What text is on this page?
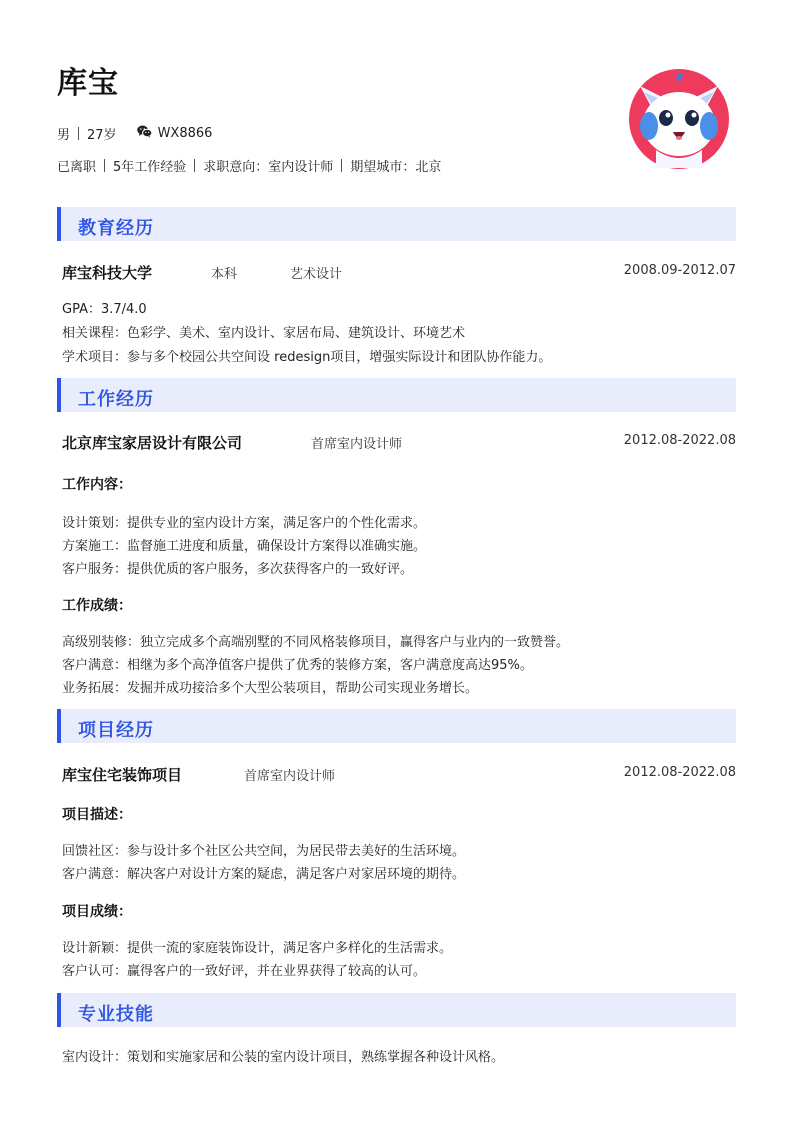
库宝
男 27岁	WX8866
已离职 5年工作经验 求职意向：室内设计师 期望城市：北京
教育经历
库宝科技大学	本科	艺术设计	2008.09-2012.07
GPA：3.7/4.0
相关课程：色彩学、美术、室内设计、家居布局、建筑设计、环境艺术
学术项目：参与多个校园公共空间设 redesign项目，增强实际设计和团队协作能力。
工作经历
北京库宝家居设计有限公司	首席室内设计师	2012.08-2022.08
工作内容：
设计策划：提供专业的室内设计方案，满足客户的个性化需求。
方案施工：监督施工进度和质量，确保设计方案得以准确实施。
客户服务：提供优质的客户服务，多次获得客户的一致好评。
工作成绩：
高级别装修：独立完成多个高端别墅的不同风格装修项目，赢得客户与业内的一致赞誉。
客户满意：相继为多个高净值客户提供了优秀的装修方案，客户满意度高达95%。
业务拓展：发掘并成功接洽多个大型公装项目，帮助公司实现业务增长。
项目经历
库宝住宅装饰项目	首席室内设计师	2012.08-2022.08
项目描述：
回馈社区：参与设计多个社区公共空间，为居民带去美好的生活环境。
客户满意：解决客户对设计方案的疑虑，满足客户对家居环境的期待。
项目成绩：
设计新颖：提供一流的家庭装饰设计，满足客户多样化的生活需求。
客户认可：赢得客户的一致好评，并在业界获得了较高的认可。
专业技能
室内设计：策划和实施家居和公装的室内设计项目，熟练掌握各种设计风格。
